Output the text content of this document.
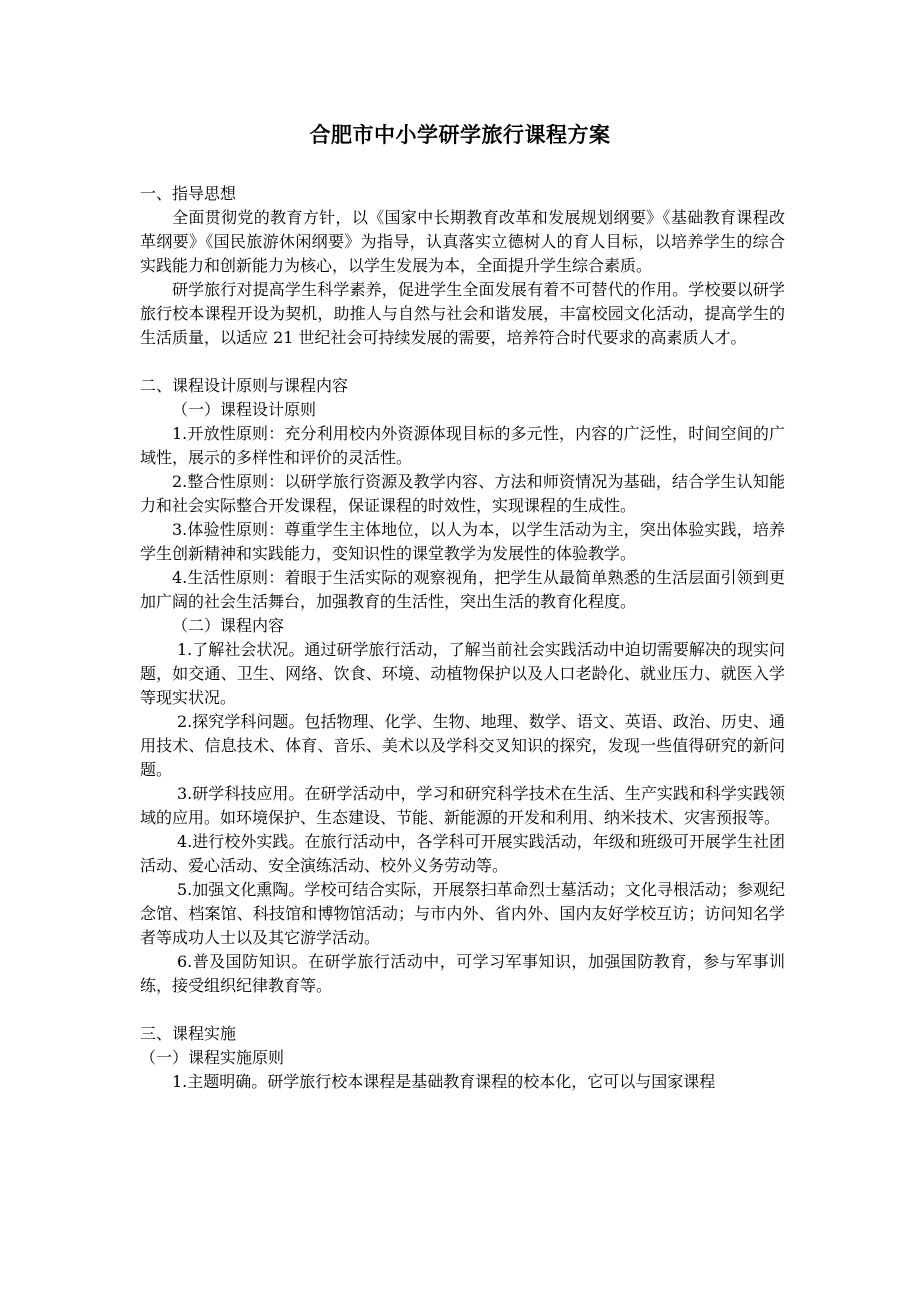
合肥市中小学研学旅行课程方案

一、指导思想

全面贯彻党的教育方针，以《国家中长期教育改革和发展规划纲要》《基础教育课程改革纲要》《国民旅游休闲纲要》为指导，认真落实立德树人的育人目标，以培养学生的综合实践能力和创新能力为核心，以学生发展为本，全面提升学生综合素质。

研学旅行对提高学生科学素养，促进学生全面发展有着不可替代的作用。学校要以研学旅行校本课程开设为契机，助推人与自然与社会和谐发展，丰富校园文化活动，提高学生的生活质量，以适应 21 世纪社会可持续发展的需要，培养符合时代要求的高素质人才。

二、课程设计原则与课程内容

（一）课程设计原则

1.开放性原则：充分利用校内外资源体现目标的多元性，内容的广泛性，时间空间的广域性，展示的多样性和评价的灵活性。

2.整合性原则：以研学旅行资源及教学内容、方法和师资情况为基础，结合学生认知能力和社会实际整合开发课程，保证课程的时效性，实现课程的生成性。

3.体验性原则：尊重学生主体地位，以人为本，以学生活动为主，突出体验实践，培养学生创新精神和实践能力，变知识性的课堂教学为发展性的体验教学。

4.生活性原则：着眼于生活实际的观察视角，把学生从最简单熟悉的生活层面引领到更加广阔的社会生活舞台，加强教育的生活性，突出生活的教育化程度。

（二）课程内容

1.了解社会状况。通过研学旅行活动，了解当前社会实践活动中迫切需要解决的现实问题，如交通、卫生、网络、饮食、环境、动植物保护以及人口老龄化、就业压力、就医入学等现实状况。

2.探究学科问题。包括物理、化学、生物、地理、数学、语文、英语、政治、历史、通用技术、信息技术、体育、音乐、美术以及学科交叉知识的探究，发现一些值得研究的新问题。

3.研学科技应用。在研学活动中，学习和研究科学技术在生活、生产实践和科学实践领域的应用。如环境保护、生态建设、节能、新能源的开发和利用、纳米技术、灾害预报等。

4.进行校外实践。在旅行活动中，各学科可开展实践活动，年级和班级可开展学生社团活动、爱心活动、安全演练活动、校外义务劳动等。

5.加强文化熏陶。学校可结合实际，开展祭扫革命烈士墓活动；文化寻根活动；参观纪念馆、档案馆、科技馆和博物馆活动；与市内外、省内外、国内友好学校互访；访问知名学者等成功人士以及其它游学活动。

6.普及国防知识。在研学旅行活动中，可学习军事知识，加强国防教育，参与军事训练，接受组织纪律教育等。

三、课程实施

（一）课程实施原则

1.主题明确。研学旅行校本课程是基础教育课程的校本化，它可以与国家课程
